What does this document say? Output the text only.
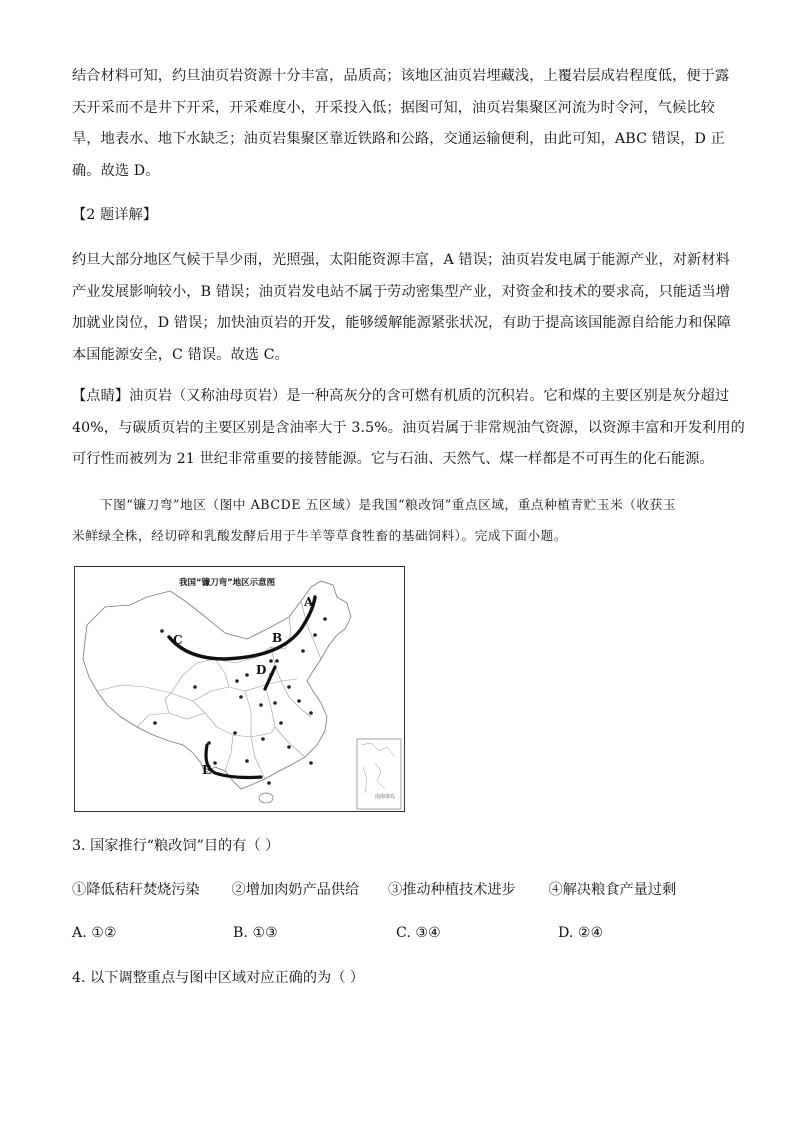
结合材料可知，约旦油页岩资源十分丰富，品质高；该地区油页岩埋藏浅，上覆岩层成岩程度低，便于露
天开采而不是井下开采，开采难度小，开采投入低；据图可知，油页岩集聚区河流为时令河，气候比较
旱，地表水、地下水缺乏；油页岩集聚区靠近铁路和公路，交通运输便利，由此可知，ABC 错误，D 正
确。故选 D。
【2 题详解】
约旦大部分地区气候干旱少雨，光照强，太阳能资源丰富，A 错误；油页岩发电属于能源产业，对新材料
产业发展影响较小，B 错误；油页岩发电站不属于劳动密集型产业，对资金和技术的要求高，只能适当增
加就业岗位，D 错误；加快油页岩的开发，能够缓解能源紧张状况，有助于提高该国能源自给能力和保障
本国能源安全，C 错误。故选 C。
【点睛】油页岩（又称油母页岩）是一种高灰分的含可燃有机质的沉积岩。它和煤的主要区别是灰分超过
40%，与碳质页岩的主要区别是含油率大于 3.5%。油页岩属于非常规油气资源，以资源丰富和开发利用的
可行性而被列为 21 世纪非常重要的接替能源。它与石油、天然气、煤一样都是不可再生的化石能源。
下图“镰刀弯”地区（图中 ABCDE 五区域）是我国“粮改饲”重点区域，重点种植青贮玉米（收获玉
米鲜绿全株，经切碎和乳酸发酵后用于牛羊等草食牲畜的基础饲料）。完成下面小题。
我国“镰刀弯”地区示意图
A
B
C
D
E
南海诸岛
3. 国家推行“粮改饲”目的有（ ）
①降低秸秆焚烧污染 ②增加肉奶产品供给 ③推动种植技术进步 ④解决粮食产量过剩
A. ①②	B. ①③	C. ③④	D. ②④
4. 以下调整重点与图中区域对应正确的为（ ）
